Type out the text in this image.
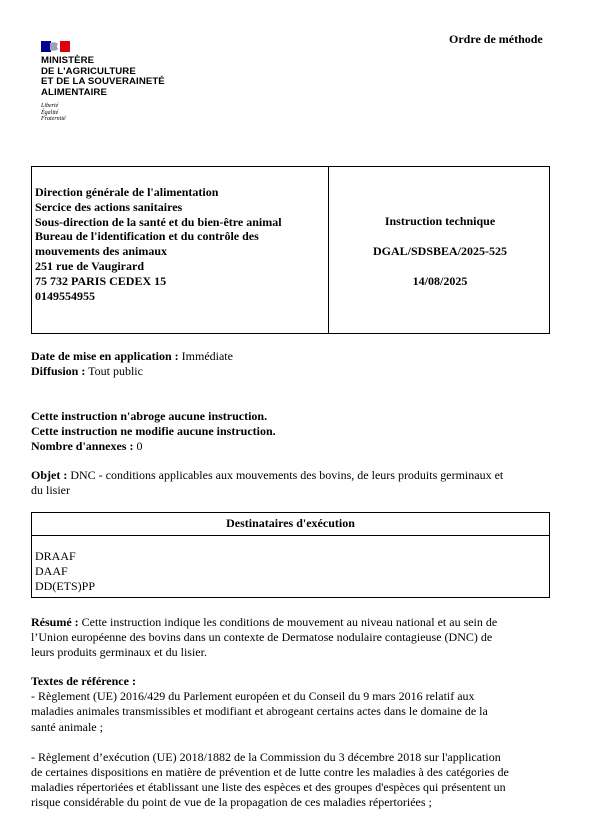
MINISTÈRE
DE L'AGRICULTURE
ET DE LA SOUVERAINETÉ
ALIMENTAIRE
Liberté
Égalité
Fraternité
Ordre de méthode
Direction générale de l'alimentation
Sercice des actions sanitaires
Sous-direction de la santé et du bien-être animal
Bureau de l'identification et du contrôle des
mouvements des animaux
251 rue de Vaugirard
75 732 PARIS CEDEX 15
0149554955
Instruction technique
DGAL/SDSBEA/2025-525
14/08/2025
Date de mise en application : Immédiate
Diffusion : Tout public
Cette instruction n'abroge aucune instruction.
Cette instruction ne modifie aucune instruction.
Nombre d'annexes : 0
Objet : DNC - conditions applicables aux mouvements des bovins, de leurs produits germinaux et
du lisier
Destinataires d'exécution
DRAAF
DAAF
DD(ETS)PP
Résumé : Cette instruction indique les conditions de mouvement au niveau national et au sein de
l’Union européenne des bovins dans un contexte de Dermatose nodulaire contagieuse (DNC) de
leurs produits germinaux et du lisier.
Textes de référence :
- Règlement (UE) 2016/429 du Parlement européen et du Conseil du 9 mars 2016 relatif aux
maladies animales transmissibles et modifiant et abrogeant certains actes dans le domaine de la
santé animale ;
- Règlement d’exécution (UE) 2018/1882 de la Commission du 3 décembre 2018 sur l'application
de certaines dispositions en matière de prévention et de lutte contre les maladies à des catégories de
maladies répertoriées et établissant une liste des espèces et des groupes d'espèces qui présentent un
risque considérable du point de vue de la propagation de ces maladies répertoriées ;
